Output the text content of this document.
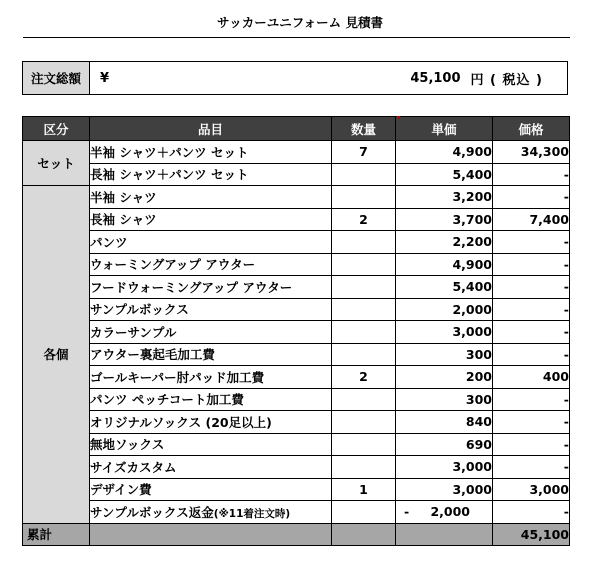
サッカーユニフォーム 見積書
注文総額	¥	45,100 円 ( 税込 )
区分	品目	数量	単価	価格
セット	半袖 シャツ＋パンツ セット	7	4,900	34,300
	長袖 シャツ＋パンツ セット		5,400	-
各個	半袖 シャツ		3,200	-
	長袖 シャツ	2	3,700	7,400
	パンツ		2,200	-
	ウォーミングアップ アウター		4,900	-
	フードウォーミングアップ アウター		5,400	-
	サンプルボックス		2,000	-
	カラーサンプル		3,000	-
	アウター裏起毛加工費		300	-
	ゴールキーパー肘パッド加工費	2	200	400
	パンツ ペッチコート加工費		300	-
	オリジナルソックス (20足以上)		840	-
	無地ソックス		690	-
	サイズカスタム		3,000	-
	デザイン費	1	3,000	3,000
	サンプルボックス返金(※11着注文時)		- 2,000	-
累計				45,100
